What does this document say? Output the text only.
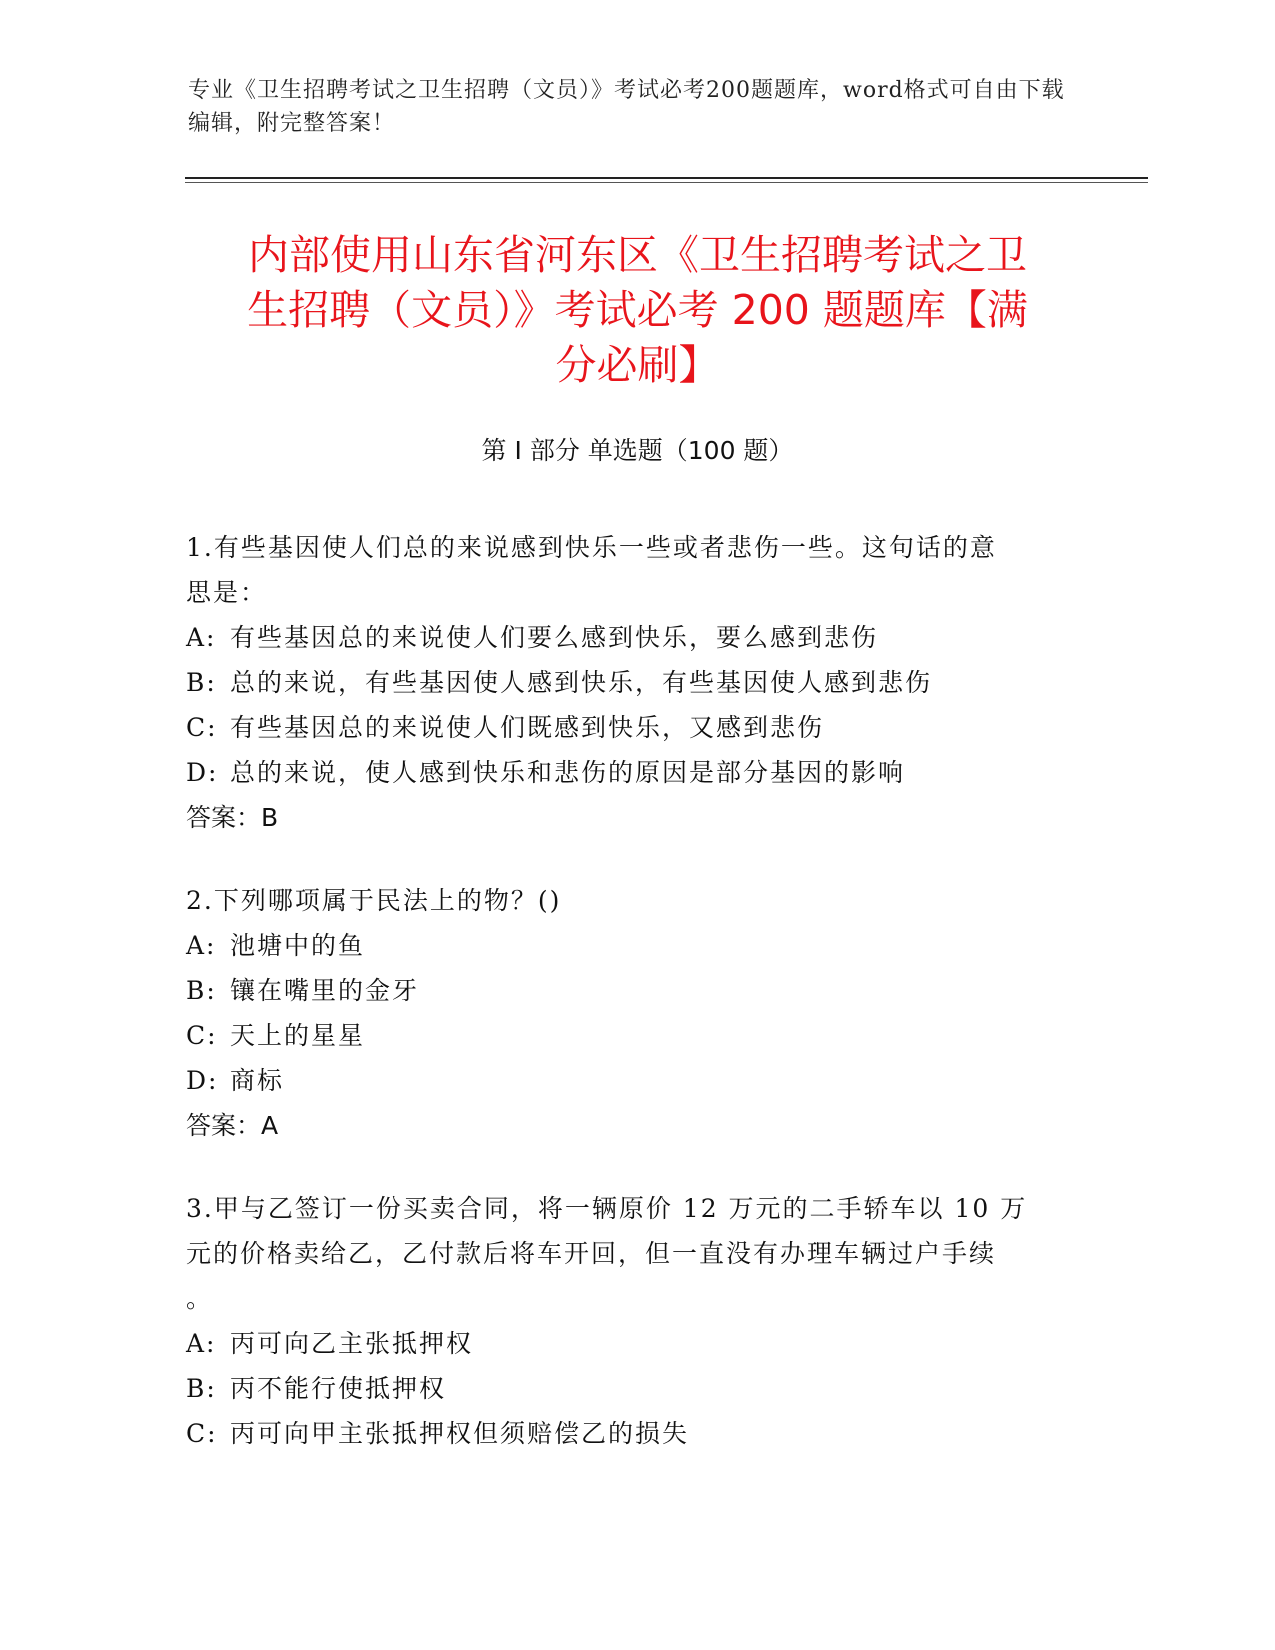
专业《卫生招聘考试之卫生招聘（文员）》考试必考200题题库，word格式可自由下载编辑，附完整答案！
内部使用山东省河东区《卫生招聘考试之卫
生招聘（文员）》考试必考 200 题题库【满
分必刷】
第 I 部分 单选题（100 题）
1.有些基因使人们总的来说感到快乐一些或者悲伤一些。这句话的意
思是：
A: 有些基因总的来说使人们要么感到快乐，要么感到悲伤
B: 总的来说，有些基因使人感到快乐，有些基因使人感到悲伤
C: 有些基因总的来说使人们既感到快乐，又感到悲伤
D: 总的来说，使人感到快乐和悲伤的原因是部分基因的影响
答案：B
2.下列哪项属于民法上的物？()
A: 池塘中的鱼
B: 镶在嘴里的金牙
C: 天上的星星
D: 商标
答案：A
3.甲与乙签订一份买卖合同，将一辆原价 12 万元的二手轿车以 10 万
元的价格卖给乙，乙付款后将车开回，但一直没有办理车辆过户手续
。
A: 丙可向乙主张抵押权
B: 丙不能行使抵押权
C: 丙可向甲主张抵押权但须赔偿乙的损失
